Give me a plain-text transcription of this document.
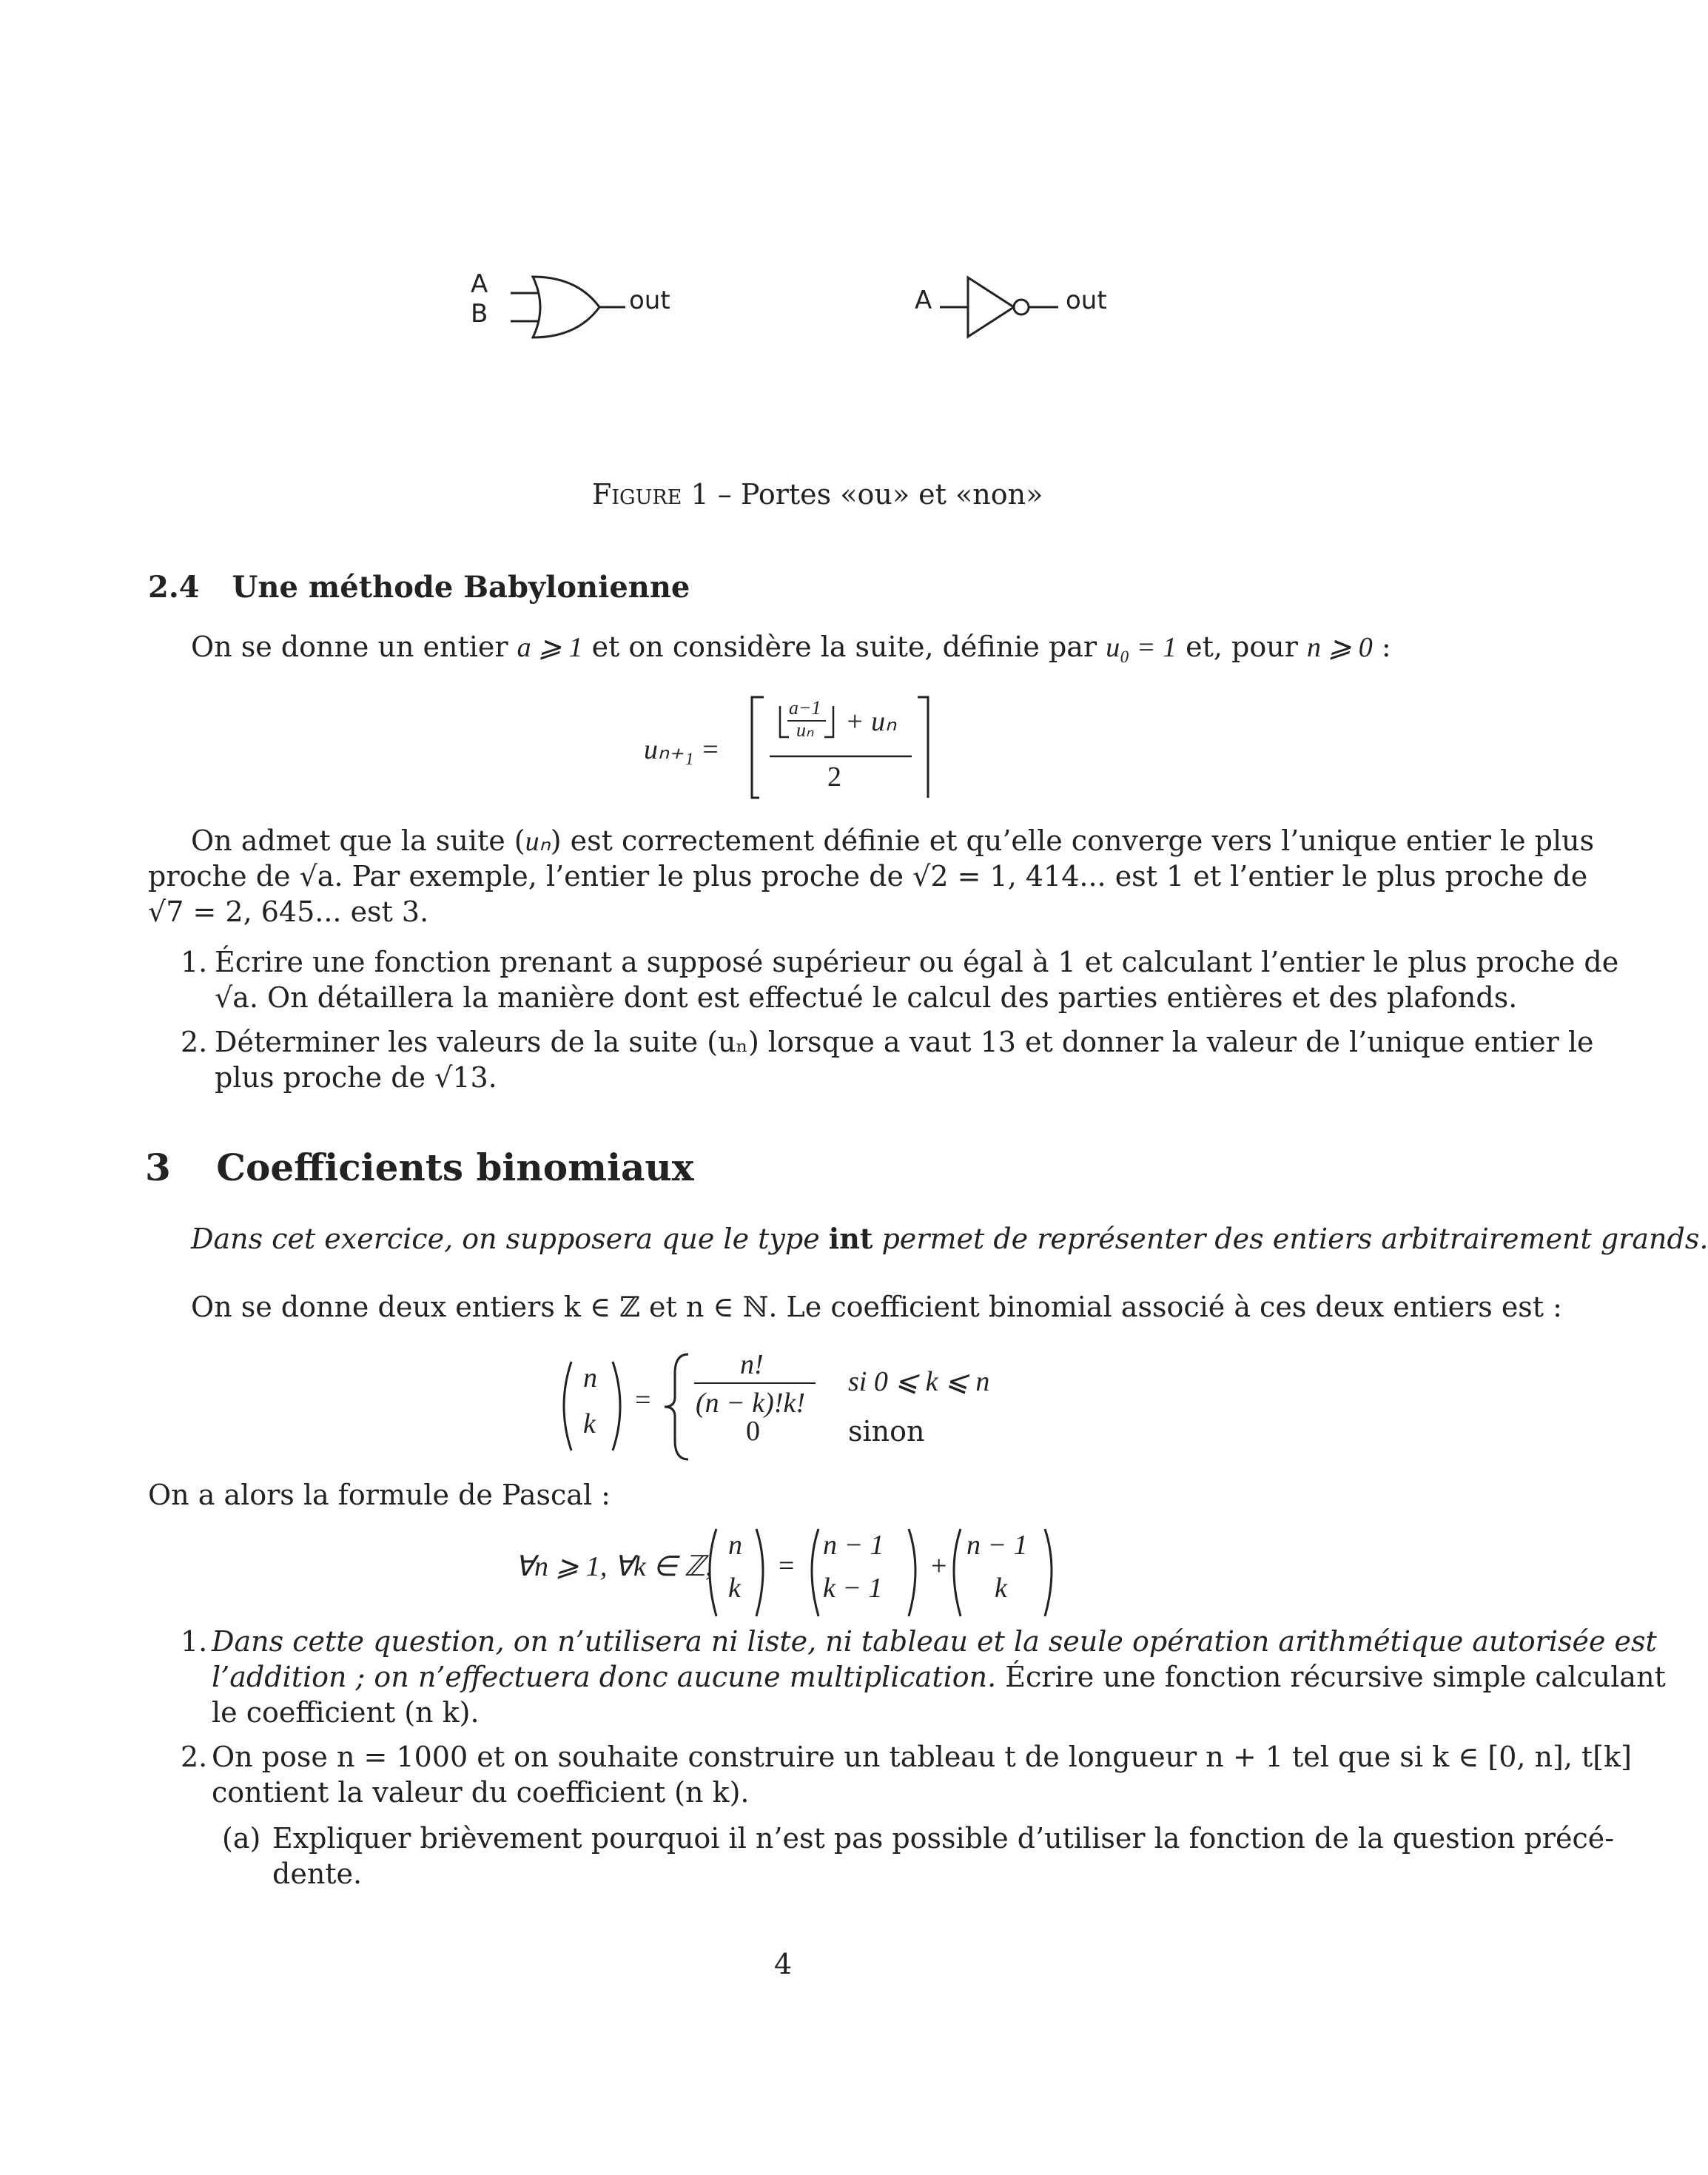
A
B	out	A	out
Figure 1 – Portes «ou» et «non»
2.4 Une méthode Babylonienne
On se donne un entier a ⩾ 1 et on considère la suite, définie par u₀ = 1 et, pour n ⩾ 0 :
uₙ₊₁ =
a−1
uₙ + uₙ
2
On admet que la suite (uₙ) est correctement définie et qu’elle converge vers l’unique entier le plus
proche de √a. Par exemple, l’entier le plus proche de √2 = 1, 414... est 1 et l’entier le plus proche de
√7 = 2, 645... est 3.
1. Écrire une fonction prenant a supposé supérieur ou égal à 1 et calculant l’entier le plus proche de
√a. On détaillera la manière dont est effectué le calcul des parties entières et des plafonds.
2. Déterminer les valeurs de la suite (uₙ) lorsque a vaut 13 et donner la valeur de l’unique entier le
plus proche de √13.
3 Coefficients binomiaux
Dans cet exercice, on supposera que le type int permet de représenter des entiers arbitrairement grands.
On se donne deux entiers k ∈ ℤ et n ∈ ℕ. Le coefficient binomial associé à ces deux entiers est :
n
k
=
n!
(n − k)!k!
si 0 ⩽ k ⩽ n
0	sinon
On a alors la formule de Pascal :
∀n ⩾ 1, ∀k ∈ ℤ,
n
k
=
n − 1
k − 1
+
n − 1
k
1. Dans cette question, on n’utilisera ni liste, ni tableau et la seule opération arithmétique autorisée est
l’addition ; on n’effectuera donc aucune multiplication. Écrire une fonction récursive simple calculant
le coefficient (n k).
2. On pose n = 1000 et on souhaite construire un tableau t de longueur n + 1 tel que si k ∈ [0, n], t[k]
contient la valeur du coefficient (n k).
(a) Expliquer brièvement pourquoi il n’est pas possible d’utiliser la fonction de la question précé-
dente.
4
